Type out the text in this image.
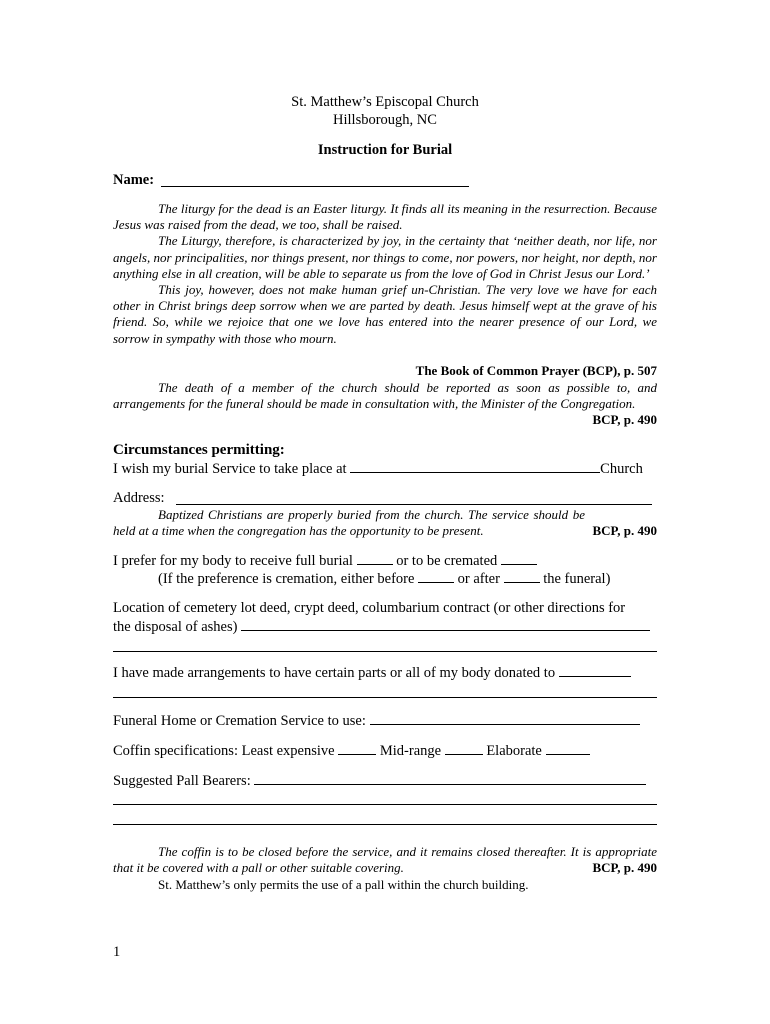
St. Matthew’s Episcopal Church
Hillsborough, NC
Instruction for Burial
Name:

The liturgy for the dead is an Easter liturgy. It finds all its meaning in the resurrection. Because Jesus was raised from the dead, we too, shall be raised.

The Liturgy, therefore, is characterized by joy, in the certainty that ‘neither death, nor life, nor angels, nor principalities, nor things present, nor things to come, nor powers, nor height, nor depth, nor anything else in all creation, will be able to separate us from the love of God in Christ Jesus our Lord.’

This joy, however, does not make human grief un-Christian. The very love we have for each other in Christ brings deep sorrow when we are parted by death. Jesus himself wept at the grave of his friend. So, while we rejoice that one we love has entered into the nearer presence of our Lord, we sorrow in sympathy with those who mourn.

The Book of Common Prayer (BCP), p. 507

The death of a member of the church should be reported as soon as possible to, and arrangements for the funeral should be made in consultation with, the Minister of the Congregation.

BCP, p. 490
Circumstances permitting:
I wish my burial Service to take place at	Church
Address:

Baptized Christians are properly buried from the church. The service should be held at a time when the congregation has the opportunity to be present.	BCP, p. 490
I prefer for my body to receive full burial  or to be cremated
(If the preference is cremation, either before  or after  the funeral)
Location of cemetery lot deed, crypt deed, columbarium contract (or other directions for
the disposal of ashes)
I have made arrangements to have certain parts or all of my body donated to
Funeral Home or Cremation Service to use:
Coffin specifications: Least expensive	Mid-range	Elaborate
Suggested Pall Bearers:

The coffin is to be closed before the service, and it remains closed thereafter. It is appropriate that it be covered with a pall or other suitable covering.	BCP, p. 490
St. Matthew’s only permits the use of a pall within the church building.
1
